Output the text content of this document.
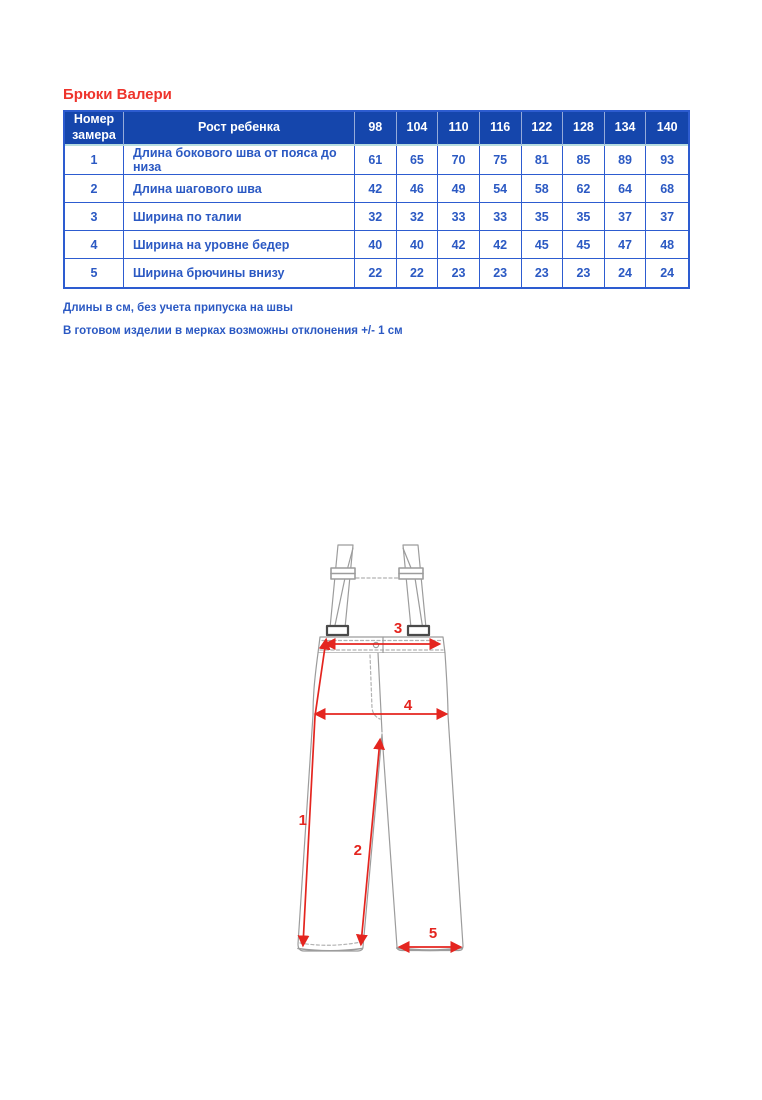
Брюки Валери
Номер замера	Рост ребенка	98	104	110	116	122	128	134	140
1	Длина бокового шва от пояса до низа	61	65	70	75	81	85	89	93
2	Длина шагового шва	42	46	49	54	58	62	64	68
3	Ширина по талии	32	32	33	33	35	35	37	37
4	Ширина на уровне бедер	40	40	42	42	45	45	47	48
5	Ширина брючины внизу	22	22	23	23	23	23	24	24
Длины в см, без учета припуска на швы
В готовом изделии в мерках возможны отклонения +/- 1 см
1
2
3
4
5
